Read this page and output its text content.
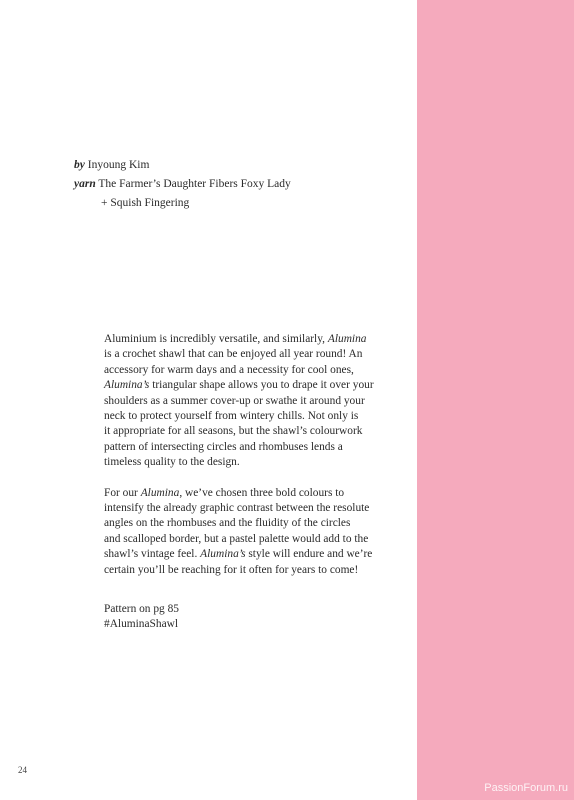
by Inyoung Kim
yarn The Farmer’s Daughter Fibers Foxy Lady
+ Squish Fingering

Aluminium is incredibly versatile, and similarly, Alumina
is a crochet shawl that can be enjoyed all year round! An
accessory for warm days and a necessity for cool ones,
Alumina’s triangular shape allows you to drape it over your
shoulders as a summer cover-up or swathe it around your
neck to protect yourself from wintery chills. Not only is
it appropriate for all seasons, but the shawl’s colourwork
pattern of intersecting circles and rhombuses lends a
timeless quality to the design.

For our Alumina, we’ve chosen three bold colours to
intensify the already graphic contrast between the resolute
angles on the rhombuses and the fluidity of the circles
and scalloped border, but a pastel palette would add to the
shawl’s vintage feel. Alumina’s style will endure and we’re
certain you’ll be reaching for it often for years to come!

Pattern on pg 85
#AluminaShawl
24
PassionForum.ru
